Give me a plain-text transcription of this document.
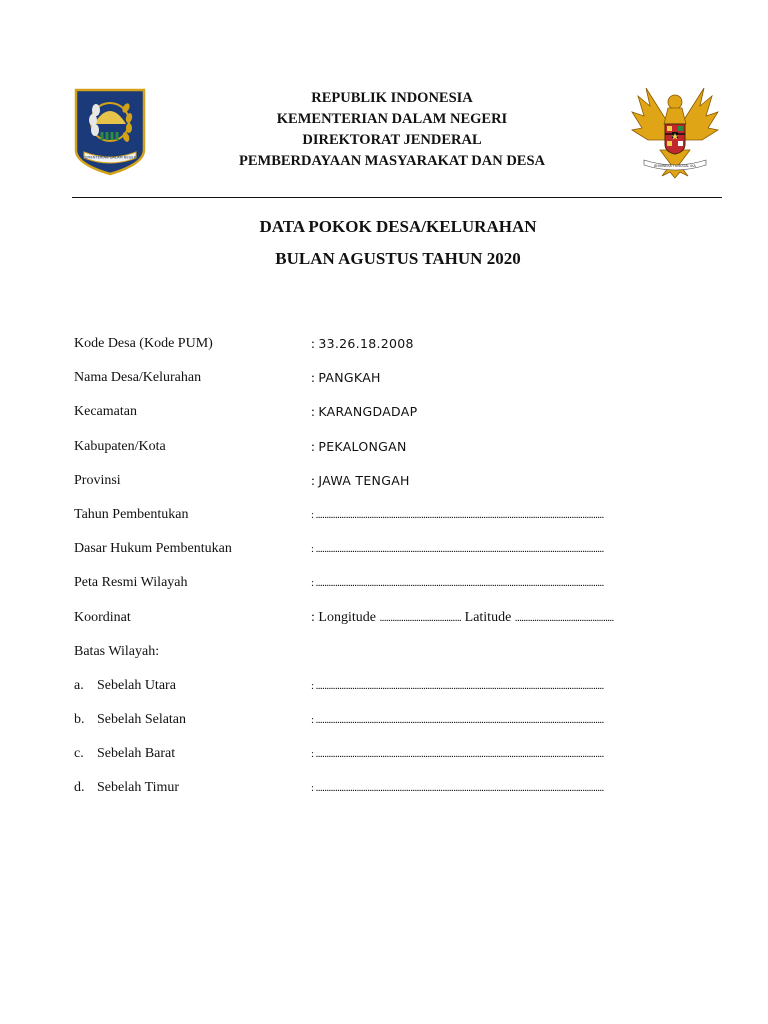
KEMENTERIAN DALAM NEGERI
REPUBLIK INDONESIA
KEMENTERIAN DALAM NEGERI
DIREKTORAT JENDERAL
PEMBERDAYAAN MASYARAKAT DAN DESA	BHINNEKA TUNGGAL IKA
DATA POKOK DESA/KELURAHAN
BULAN AGUSTUS TAHUN 2020
Kode Desa (Kode PUM)	: 33.26.18.2008
Nama Desa/Kelurahan	: PANGKAH
Kecamatan	: KARANGDADAP
Kabupaten/Kota	: PEKALONGAN
Provinsi	: JAWA TENGAH
Tahun Pembentukan	: ......................................................................................................................................
Dasar Hukum Pembentukan	: ......................................................................................................................................
Peta Resmi Wilayah	: ......................................................................................................................................
Koordinat	: Longitude ...................................... Latitude ..............................................
Batas Wilayah:
a. Sebelah Utara	: ......................................................................................................................................
b. Sebelah Selatan	: ......................................................................................................................................
c. Sebelah Barat	: ......................................................................................................................................
d. Sebelah Timur	: ......................................................................................................................................
